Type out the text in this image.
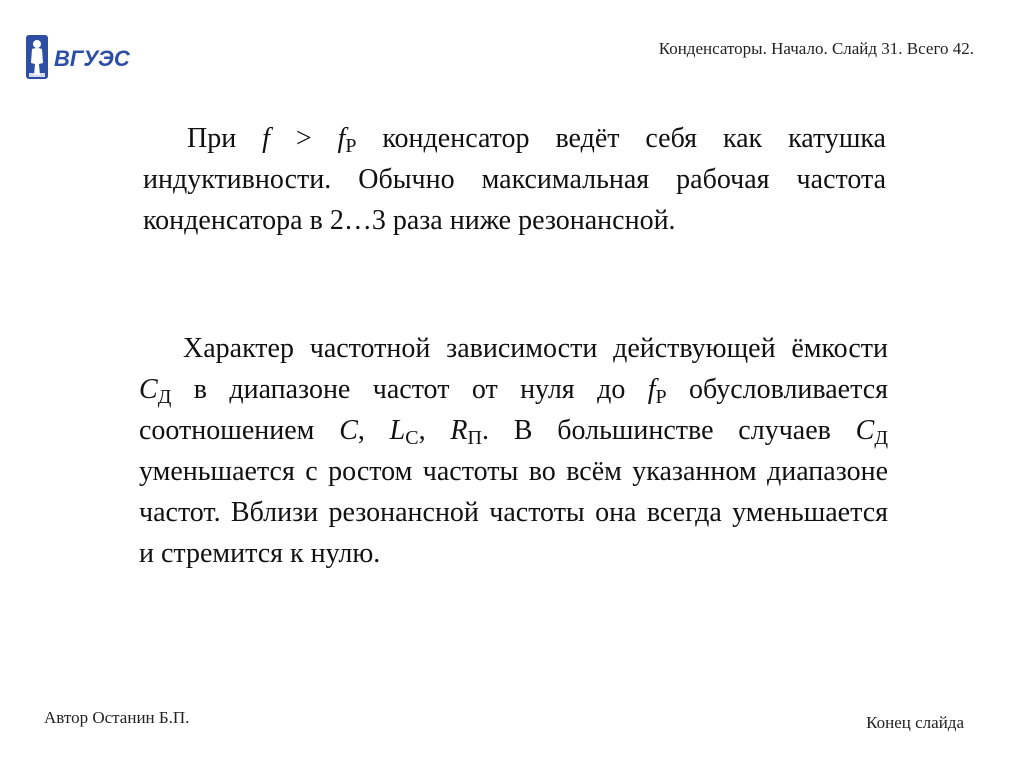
ВГУЭС	Конденсаторы. Начало. Слайд 31. Всего 42.

При $f > f_Р$ конденсатор ведёт себя как катушка индуктивности. Обычно максимальная рабочая частота конденсатора в 2…3 раза ниже резонансной.

Характер частотной зависимости действующей ёмкости $C_Д$ в диапазоне частот от нуля до $f_Р$ обусловливается соотношением C, $L_С$, $R_П$. В большинстве случаев $C_Д$ уменьшается с ростом частоты во всём указанном диапазоне частот. Вблизи резонансной частоты она всегда уменьшается и стремится к нулю.

Автор Останин Б.П.	Конец слайда
